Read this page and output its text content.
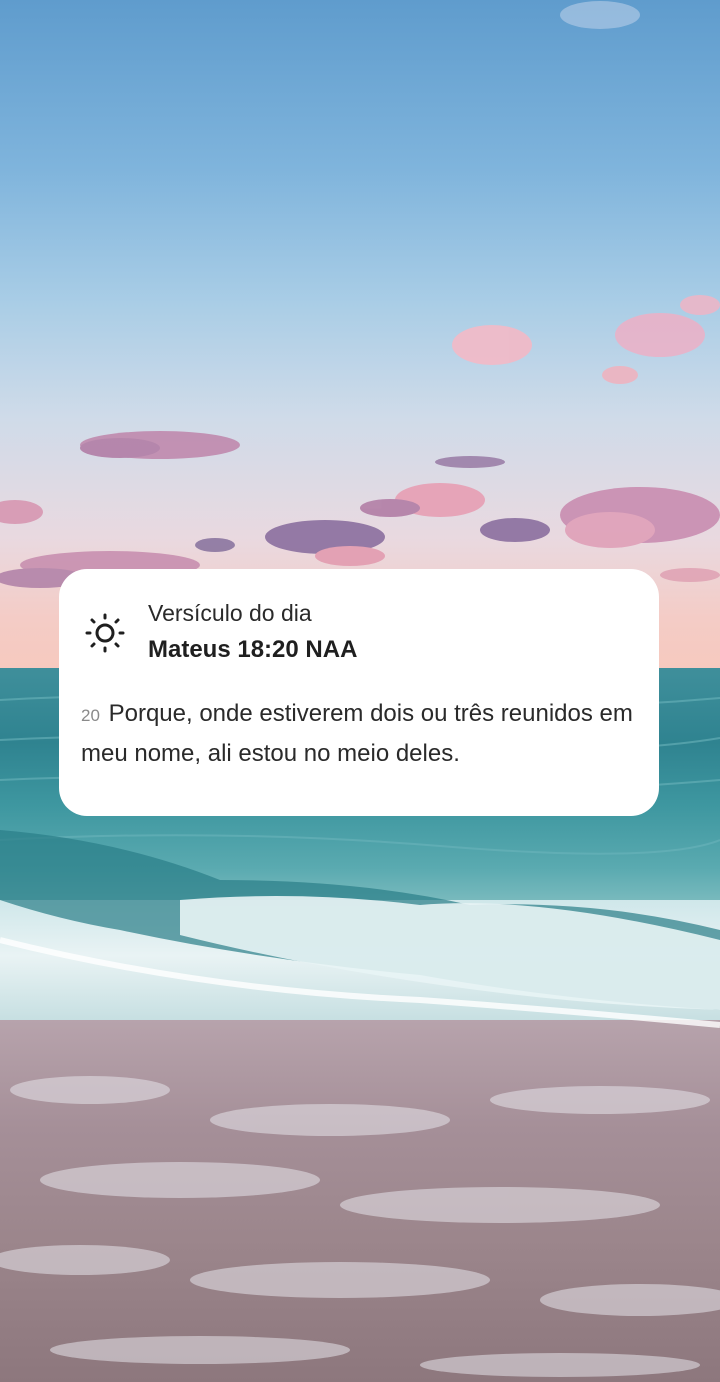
Versículo do dia
Mateus 18:20 NAA
20 Porque, onde estiverem dois ou três reunidos em meu nome, ali estou no meio deles.
